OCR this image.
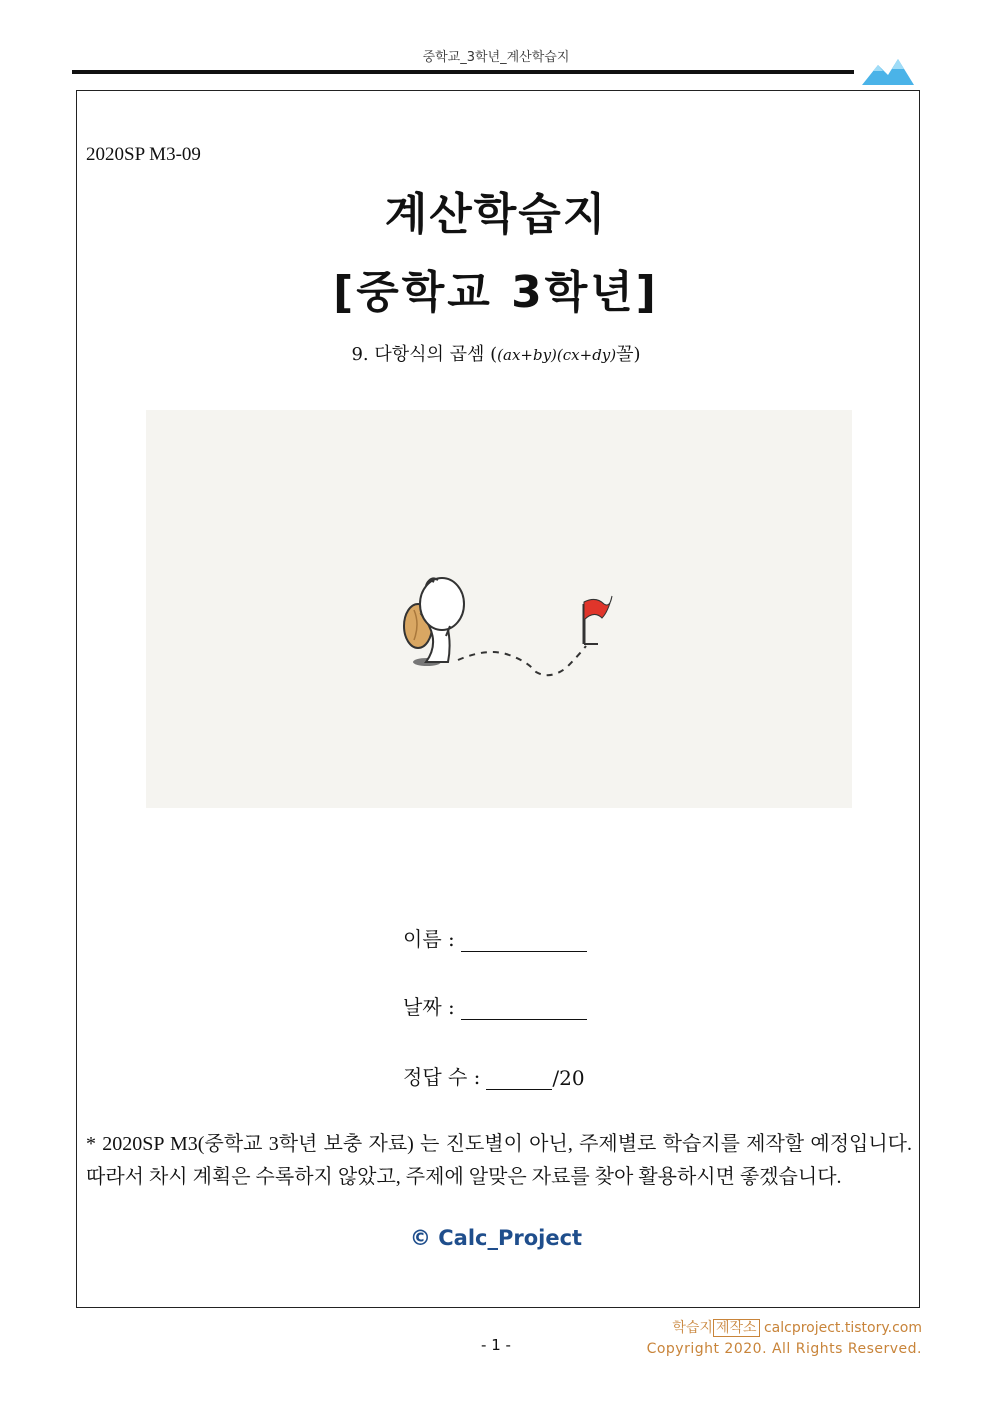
중학교_3학년_계산학습지
2020SP M3-09
계산학습지
[중학교 3학년]
9. 다항식의 곱셈 ((ax+by)(cx+dy)꼴)
이름 :
날짜 :
정답 수 :	/20
* 2020SP M3(중학교 3학년 보충 자료) 는 진도별이 아닌, 주제별로 학습지를 제작할 예정입니다. 따라서 차시 계획은 수록하지 않았고, 주제에 알맞은 자료를 찾아 활용하시면 좋겠습니다.
© Calc_Project
학습지 제작소 calcproject.tistory.com
Copyright 2020. All Rights Reserved.
- 1 -
